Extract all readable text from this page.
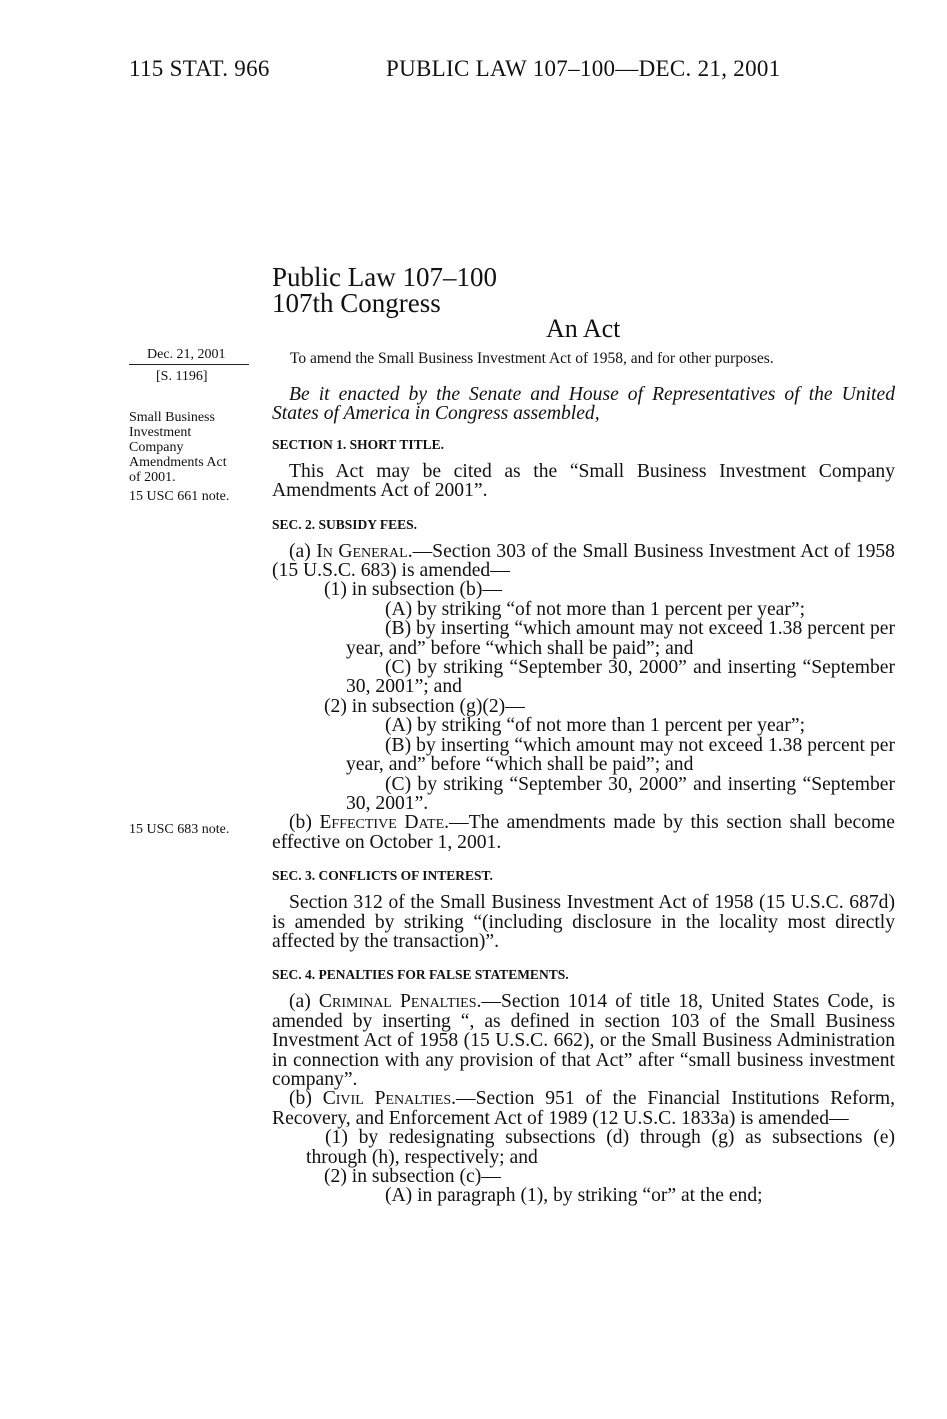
115 STAT. 966	PUBLIC LAW 107–100—DEC. 21, 2001
Public Law 107–100
107th Congress
An Act
Dec. 21, 2001
[S. 1196]
Small Business
Investment
Company
Amendments Act
of 2001.
15 USC 661 note.
15 USC 683 note.
To amend the Small Business Investment Act of 1958, and for other purposes.

Be it enacted by the Senate and House of Representatives of the United States of America in Congress assembled,

SECTION 1. SHORT TITLE.

This Act may be cited as the “Small Business Investment Company Amendments Act of 2001”.

SEC. 2. SUBSIDY FEES.

(a) In General.—Section 303 of the Small Business Investment Act of 1958 (15 U.S.C. 683) is amended—

(1) in subsection (b)—

(A) by striking “of not more than 1 percent per year”;

(B) by inserting “which amount may not exceed 1.38 percent per year, and” before “which shall be paid”; and

(C) by striking “September 30, 2000” and inserting “September 30, 2001”; and

(2) in subsection (g)(2)—

(A) by striking “of not more than 1 percent per year”;

(B) by inserting “which amount may not exceed 1.38 percent per year, and” before “which shall be paid”; and

(C) by striking “September 30, 2000” and inserting “September 30, 2001”.

(b) Effective Date.—The amendments made by this section shall become effective on October 1, 2001.

SEC. 3. CONFLICTS OF INTEREST.

Section 312 of the Small Business Investment Act of 1958 (15 U.S.C. 687d) is amended by striking “(including disclosure in the locality most directly affected by the transaction)”.

SEC. 4. PENALTIES FOR FALSE STATEMENTS.

(a) Criminal Penalties.—Section 1014 of title 18, United States Code, is amended by inserting “, as defined in section 103 of the Small Business Investment Act of 1958 (15 U.S.C. 662), or the Small Business Administration in connection with any provision of that Act” after “small business investment company”.

(b) Civil Penalties.—Section 951 of the Financial Institutions Reform, Recovery, and Enforcement Act of 1989 (12 U.S.C. 1833a) is amended—

(1) by redesignating subsections (d) through (g) as subsections (e) through (h), respectively; and

(2) in subsection (c)—

(A) in paragraph (1), by striking “or” at the end;
